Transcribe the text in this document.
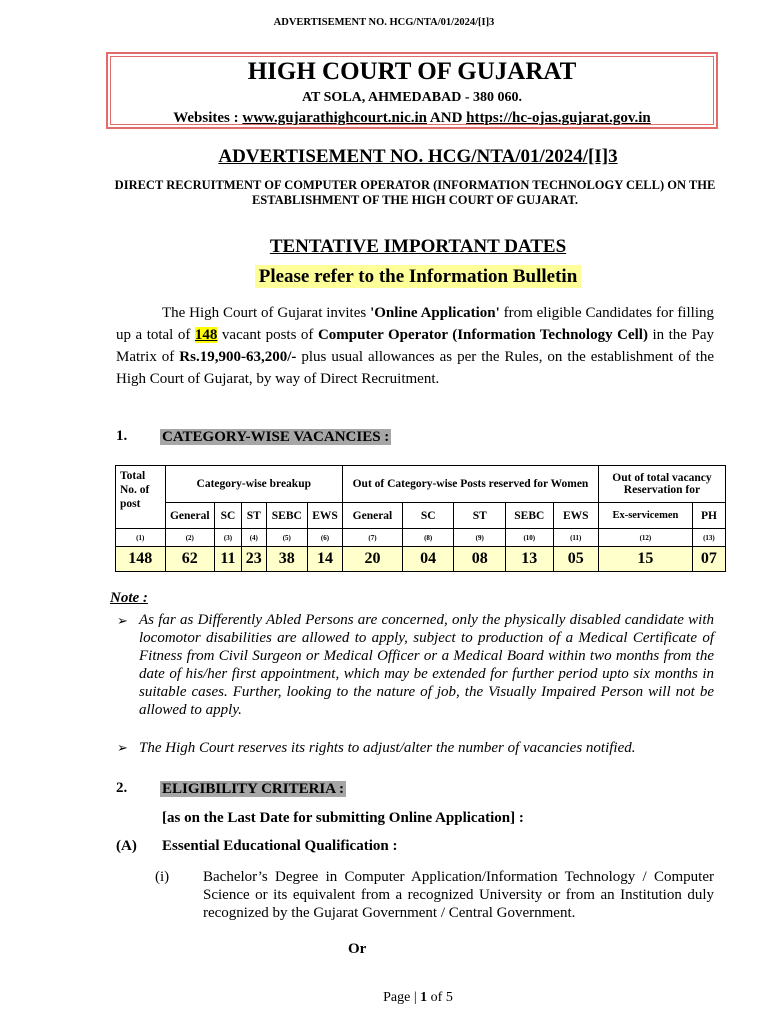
ADVERTISEMENT NO. HCG/NTA/01/2024/[I]3
HIGH COURT OF GUJARAT
AT SOLA, AHMEDABAD - 380 060.
Websites : www.gujarathighcourt.nic.in AND https://hc-ojas.gujarat.gov.in
ADVERTISEMENT NO. HCG/NTA/01/2024/[I]3
DIRECT RECRUITMENT OF COMPUTER OPERATOR (INFORMATION TECHNOLOGY CELL) ON THE ESTABLISHMENT OF THE HIGH COURT OF GUJARAT.
TENTATIVE IMPORTANT DATES
Please refer to the Information Bulletin
The High Court of Gujarat invites 'Online Application' from eligible Candidates for filling up a total of 148 vacant posts of Computer Operator (Information Technology Cell) in the Pay Matrix of Rs.19,900-63,200/- plus usual allowances as per the Rules, on the establishment of the High Court of Gujarat, by way of Direct Recruitment.
1. CATEGORY-WISE VACANCIES :
Total
No. of
post	Category-wise breakup					Out of Category-wise Posts reserved for Women					Out of total vacancy Reservation for	
	General	SC	ST	SEBC	EWS	General	SC	ST	SEBC	EWS	Ex-servicemen	PH
(1)	(2)	(3)	(4)	(5)	(6)	(7)	(8)	(9)	(10)	(11)	(12)	(13)
148	62	11	23	38	14	20	04	08	13	05	15	07
Note :
➢ As far as Differently Abled Persons are concerned, only the physically disabled candidate with locomotor disabilities are allowed to apply, subject to production of a Medical Certificate of Fitness from Civil Surgeon or Medical Officer or a Medical Board within two months from the date of his/her first appointment, which may be extended for further period upto six months in suitable cases. Further, looking to the nature of job, the Visually Impaired Person will not be allowed to apply.
➢ The High Court reserves its rights to adjust/alter the number of vacancies notified.
2. ELIGIBILITY CRITERIA :
[as on the Last Date for submitting Online Application] :
(A) Essential Educational Qualification :
(i) Bachelor’s Degree in Computer Application/Information Technology / Computer Science or its equivalent from a recognized University or from an Institution duly recognized by the Gujarat Government / Central Government.
Or
Page | 1 of 5
